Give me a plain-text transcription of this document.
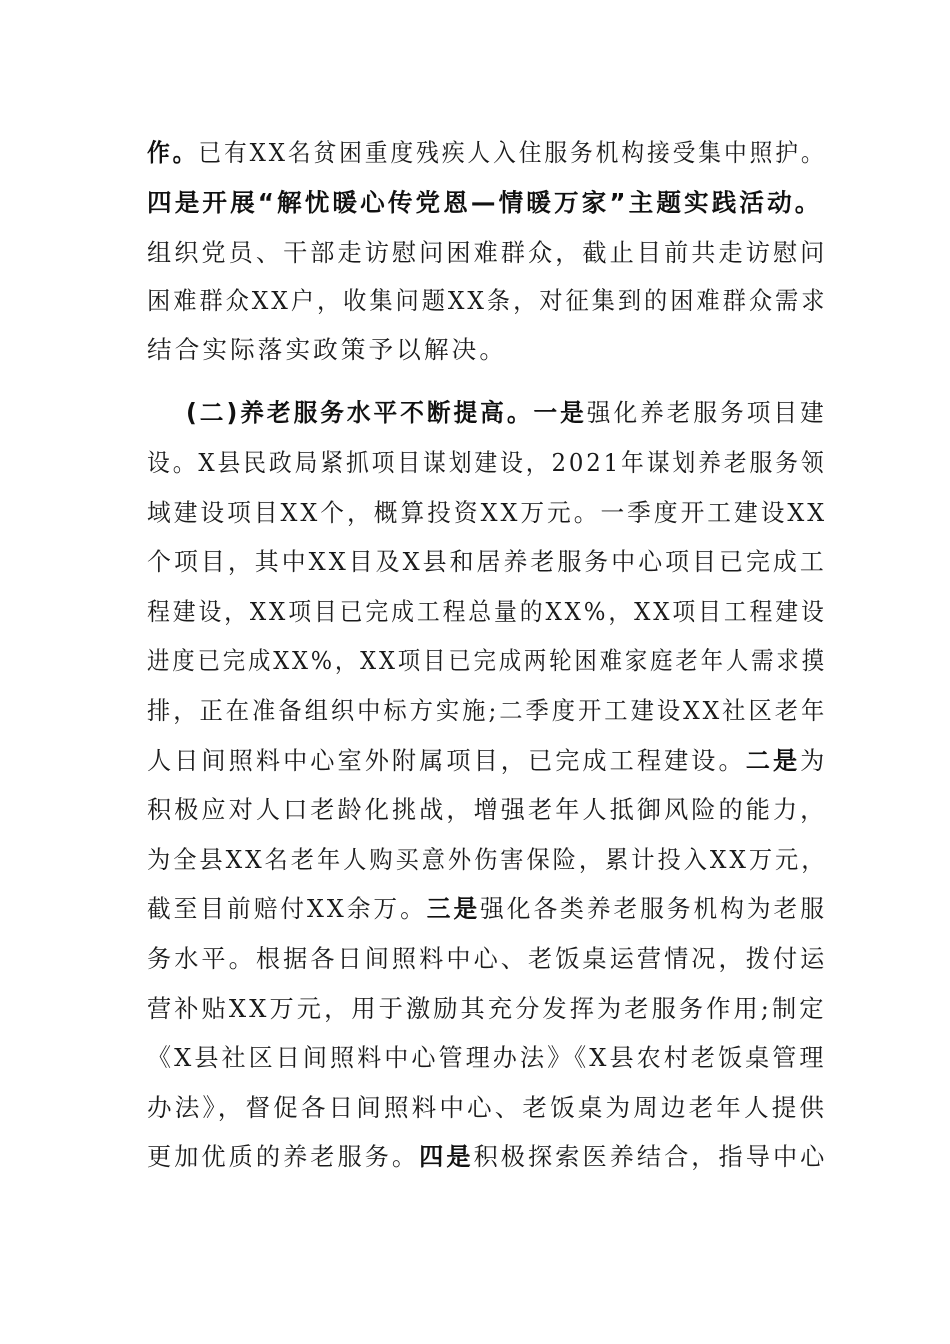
作。已有XX名贫困重度残疾人入住服务机构接受集中照护。
四是开展“解忧暖心传党恩—情暖万家”主题实践活动。
组织党员、干部走访慰问困难群众，截止目前共走访慰问
困难群众XX户，收集问题XX条，对征集到的困难群众需求
结合实际落实政策予以解决。
(二)养老服务水平不断提高。一是强化养老服务项目建
设。X县民政局紧抓项目谋划建设，2021年谋划养老服务领
域建设项目XX个，概算投资XX万元。一季度开工建设XX
个项目，其中XX目及X县和居养老服务中心项目已完成工
程建设，XX项目已完成工程总量的XX%，XX项目工程建设
进度已完成XX%，XX项目已完成两轮困难家庭老年人需求摸
排，正在准备组织中标方实施;二季度开工建设XX社区老年
人日间照料中心室外附属项目，已完成工程建设。二是为
积极应对人口老龄化挑战，增强老年人抵御风险的能力，
为全县XX名老年人购买意外伤害保险，累计投入XX万元，
截至目前赔付XX余万。三是强化各类养老服务机构为老服
务水平。根据各日间照料中心、老饭桌运营情况，拨付运
营补贴XX万元，用于激励其充分发挥为老服务作用;制定
《X县社区日间照料中心管理办法》《X县农村老饭桌管理
办法》，督促各日间照料中心、老饭桌为周边老年人提供
更加优质的养老服务。四是积极探索医养结合，指导中心
